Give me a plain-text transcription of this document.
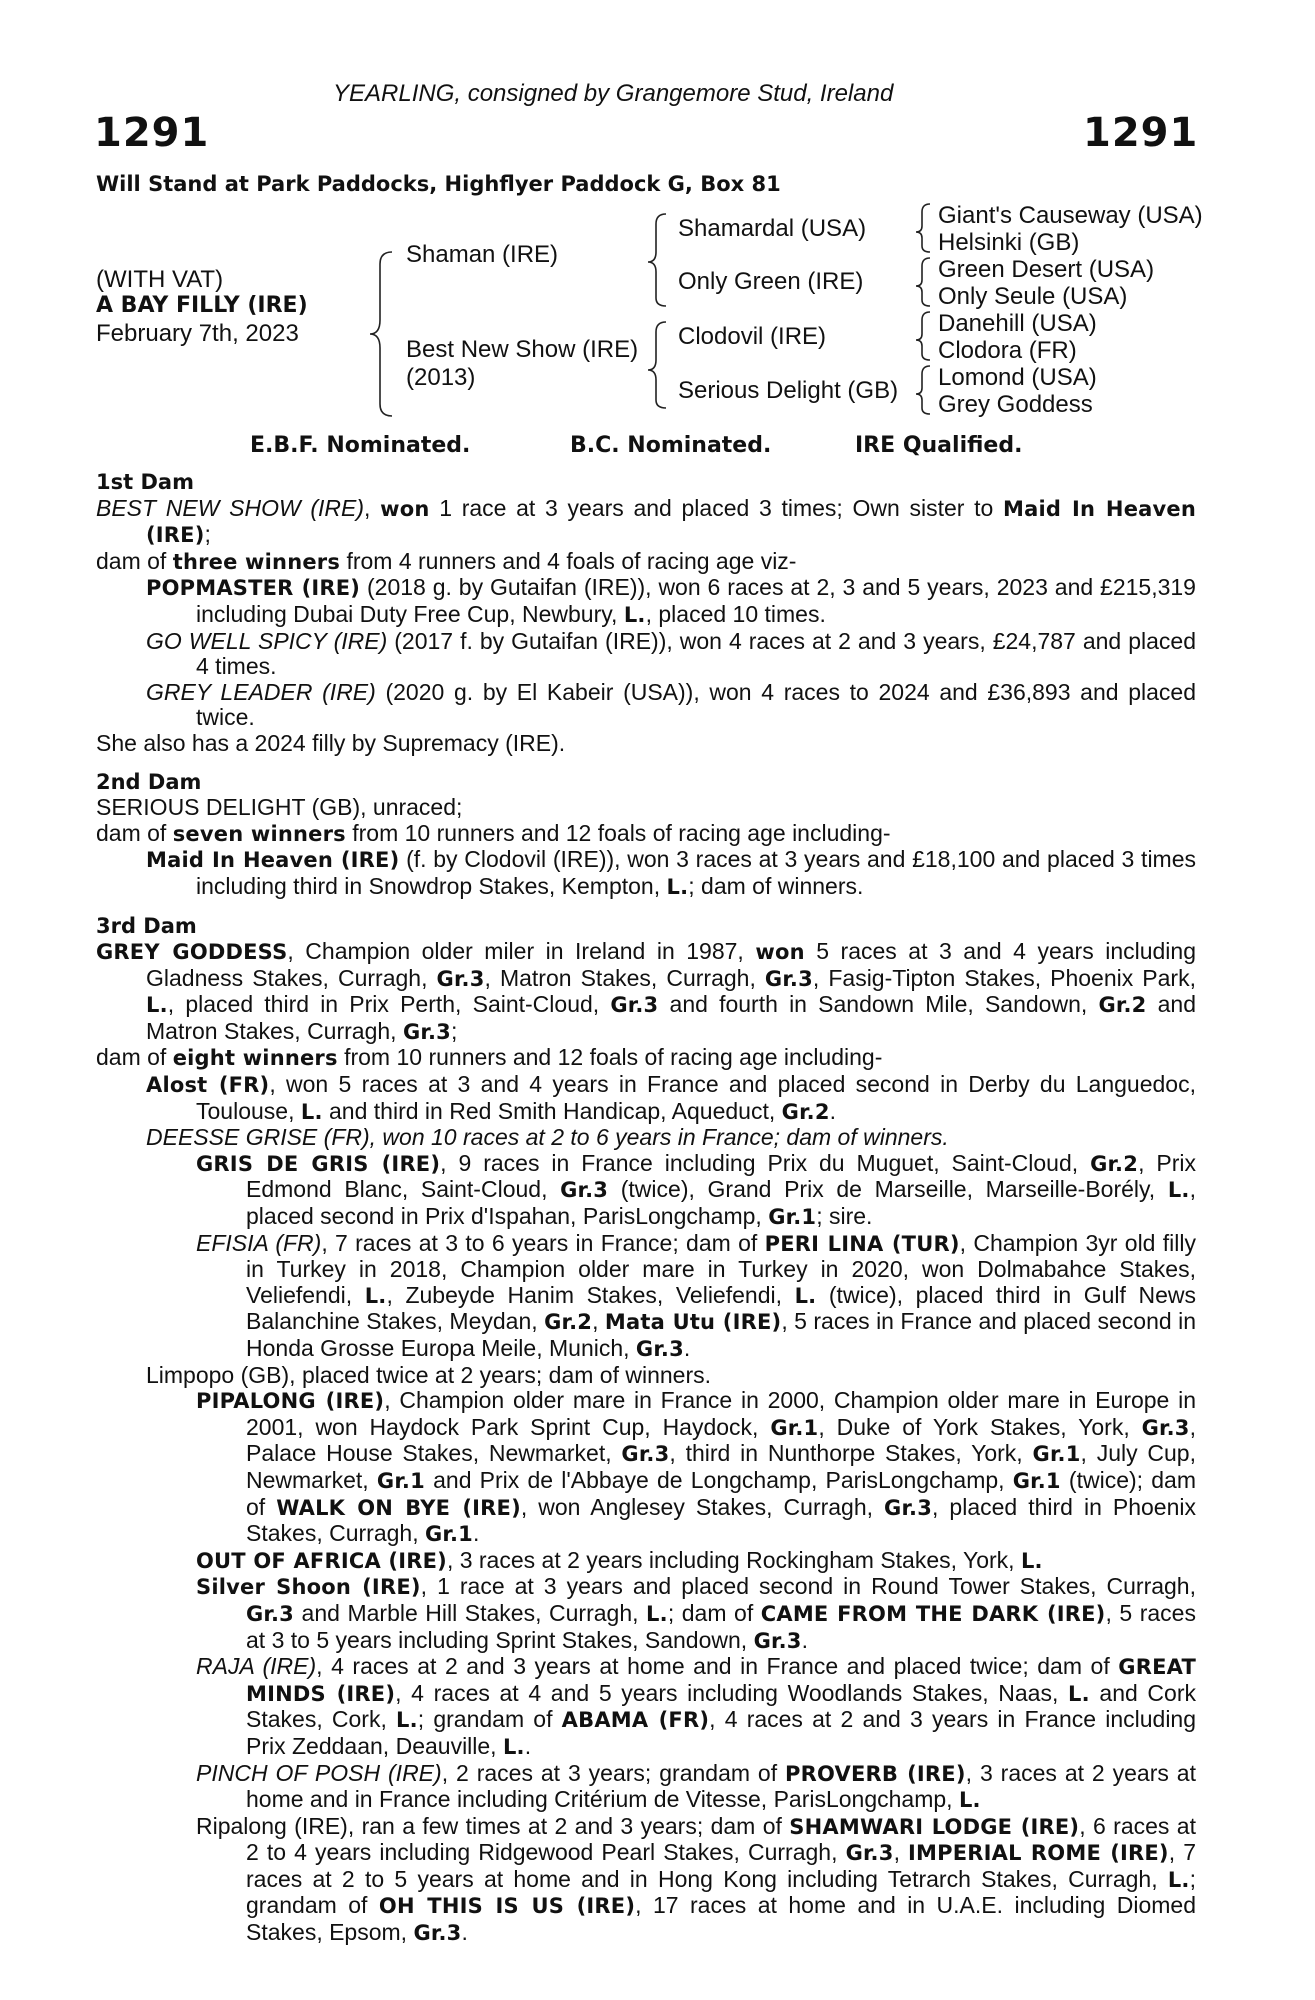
YEARLING, consigned by Grangemore Stud, Ireland
1291	1291
Will Stand at Park Paddocks, Highflyer Paddock G, Box 81
(WITH VAT)
A BAY FILLY (IRE)
February 7th, 2023
Shaman (IRE)
Best New Show (IRE)
(2013)
Shamardal (USA)
Only Green (IRE)
Clodovil (IRE)
Serious Delight (GB)
Giant's Causeway (USA)
Helsinki (GB)
Green Desert (USA)
Only Seule (USA)
Danehill (USA)
Clodora (FR)
Lomond (USA)
Grey Goddess
E.B.F. Nominated.	B.C. Nominated.	IRE Qualified.

1st Dam

BEST NEW SHOW (IRE), won 1 race at 3 years and placed 3 times; Own sister to Maid In Heaven (IRE);

dam of three winners from 4 runners and 4 foals of racing age viz-

POPMASTER (IRE) (2018 g. by Gutaifan (IRE)), won 6 races at 2, 3 and 5 years, 2023 and £215,319 including Dubai Duty Free Cup, Newbury, L., placed 10 times.

GO WELL SPICY (IRE) (2017 f. by Gutaifan (IRE)), won 4 races at 2 and 3 years, £24,787 and placed 4 times.

GREY LEADER (IRE) (2020 g. by El Kabeir (USA)), won 4 races to 2024 and £36,893 and placed twice.

She also has a 2024 filly by Supremacy (IRE).

2nd Dam

SERIOUS DELIGHT (GB), unraced;

dam of seven winners from 10 runners and 12 foals of racing age including-

Maid In Heaven (IRE) (f. by Clodovil (IRE)), won 3 races at 3 years and £18,100 and placed 3 times including third in Snowdrop Stakes, Kempton, L.; dam of winners.

3rd Dam

GREY GODDESS, Champion older miler in Ireland in 1987, won 5 races at 3 and 4 years including Gladness Stakes, Curragh, Gr.3, Matron Stakes, Curragh, Gr.3, Fasig-Tipton Stakes, Phoenix Park, L., placed third in Prix Perth, Saint-Cloud, Gr.3 and fourth in Sandown Mile, Sandown, Gr.2 and Matron Stakes, Curragh, Gr.3;

dam of eight winners from 10 runners and 12 foals of racing age including-

Alost (FR), won 5 races at 3 and 4 years in France and placed second in Derby du Languedoc, Toulouse, L. and third in Red Smith Handicap, Aqueduct, Gr.2.

DEESSE GRISE (FR), won 10 races at 2 to 6 years in France; dam of winners.

GRIS DE GRIS (IRE), 9 races in France including Prix du Muguet, Saint-Cloud, Gr.2, Prix Edmond Blanc, Saint-Cloud, Gr.3 (twice), Grand Prix de Marseille, Marseille-Borély, L., placed second in Prix d'Ispahan, ParisLongchamp, Gr.1; sire.

EFISIA (FR), 7 races at 3 to 6 years in France; dam of PERI LINA (TUR), Champion 3yr old filly in Turkey in 2018, Champion older mare in Turkey in 2020, won Dolmabahce Stakes, Veliefendi, L., Zubeyde Hanim Stakes, Veliefendi, L. (twice), placed third in Gulf News Balanchine Stakes, Meydan, Gr.2, Mata Utu (IRE), 5 races in France and placed second in Honda Grosse Europa Meile, Munich, Gr.3.

Limpopo (GB), placed twice at 2 years; dam of winners.

PIPALONG (IRE), Champion older mare in France in 2000, Champion older mare in Europe in 2001, won Haydock Park Sprint Cup, Haydock, Gr.1, Duke of York Stakes, York, Gr.3, Palace House Stakes, Newmarket, Gr.3, third in Nunthorpe Stakes, York, Gr.1, July Cup, Newmarket, Gr.1 and Prix de l'Abbaye de Longchamp, ParisLongchamp, Gr.1 (twice); dam of WALK ON BYE (IRE), won Anglesey Stakes, Curragh, Gr.3, placed third in Phoenix Stakes, Curragh, Gr.1.

OUT OF AFRICA (IRE), 3 races at 2 years including Rockingham Stakes, York, L.

Silver Shoon (IRE), 1 race at 3 years and placed second in Round Tower Stakes, Curragh, Gr.3 and Marble Hill Stakes, Curragh, L.; dam of CAME FROM THE DARK (IRE), 5 races at 3 to 5 years including Sprint Stakes, Sandown, Gr.3.

RAJA (IRE), 4 races at 2 and 3 years at home and in France and placed twice; dam of GREAT MINDS (IRE), 4 races at 4 and 5 years including Woodlands Stakes, Naas, L. and Cork Stakes, Cork, L.; grandam of ABAMA (FR), 4 races at 2 and 3 years in France including Prix Zeddaan, Deauville, L..

PINCH OF POSH (IRE), 2 races at 3 years; grandam of PROVERB (IRE), 3 races at 2 years at home and in France including Critérium de Vitesse, ParisLongchamp, L.

Ripalong (IRE), ran a few times at 2 and 3 years; dam of SHAMWARI LODGE (IRE), 6 races at 2 to 4 years including Ridgewood Pearl Stakes, Curragh, Gr.3, IMPERIAL ROME (IRE), 7 races at 2 to 5 years at home and in Hong Kong including Tetrarch Stakes, Curragh, L.; grandam of OH THIS IS US (IRE), 17 races at home and in U.A.E. including Diomed Stakes, Epsom, Gr.3.
